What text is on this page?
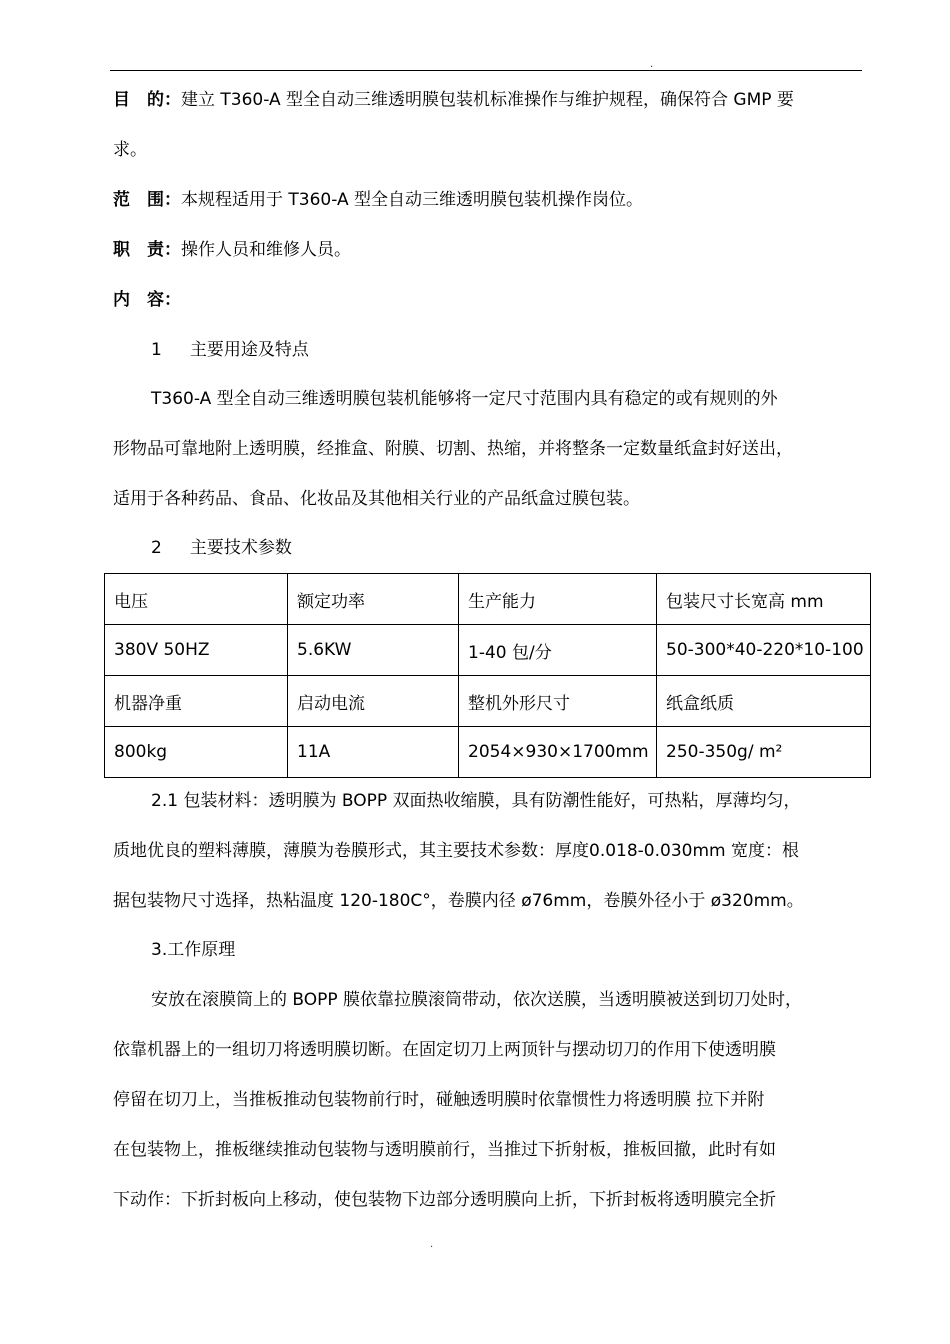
.
目　的：建立 T360-A 型全自动三维透明膜包装机标准操作与维护规程，确保符合 GMP 要
求。
范　围：本规程适用于 T360-A 型全自动三维透明膜包装机操作岗位。
职　责：操作人员和维修人员。
内　容：
1 主要用途及特点
T360-A 型全自动三维透明膜包装机能够将一定尺寸范围内具有稳定的或有规则的外
形物品可靠地附上透明膜，经推盒、附膜、切割、热缩，并将整条一定数量纸盒封好送出，
适用于各种药品、食品、化妆品及其他相关行业的产品纸盒过膜包装。
2 主要技术参数
电压	额定功率	生产能力	包装尺寸长宽高 mm
380V 50HZ	5.6KW	1-40 包/分	50-300*40-220*10-100
机器净重	启动电流	整机外形尺寸	纸盒纸质
800kg	11A	2054×930×1700mm	250-350g/ m²
2.1 包装材料：透明膜为 BOPP 双面热收缩膜，具有防潮性能好，可热粘，厚薄均匀，
质地优良的塑料薄膜，薄膜为卷膜形式，其主要技术参数：厚度0.018-0.030mm 宽度：根
据包装物尺寸选择，热粘温度 120-180C°，卷膜内径 ø76mm，卷膜外径小于 ø320mm。
3.工作原理
安放在滚膜筒上的 BOPP 膜依靠拉膜滚筒带动，依次送膜，当透明膜被送到切刀处时，
依靠机器上的一组切刀将透明膜切断。在固定切刀上两顶针与摆动切刀的作用下使透明膜
停留在切刀上，当推板推动包装物前行时，碰触透明膜时依靠惯性力将透明膜 拉下并附
在包装物上，推板继续推动包装物与透明膜前行，当推过下折射板，推板回撤，此时有如
下动作：下折封板向上移动，使包装物下边部分透明膜向上折，下折封板将透明膜完全折
.
